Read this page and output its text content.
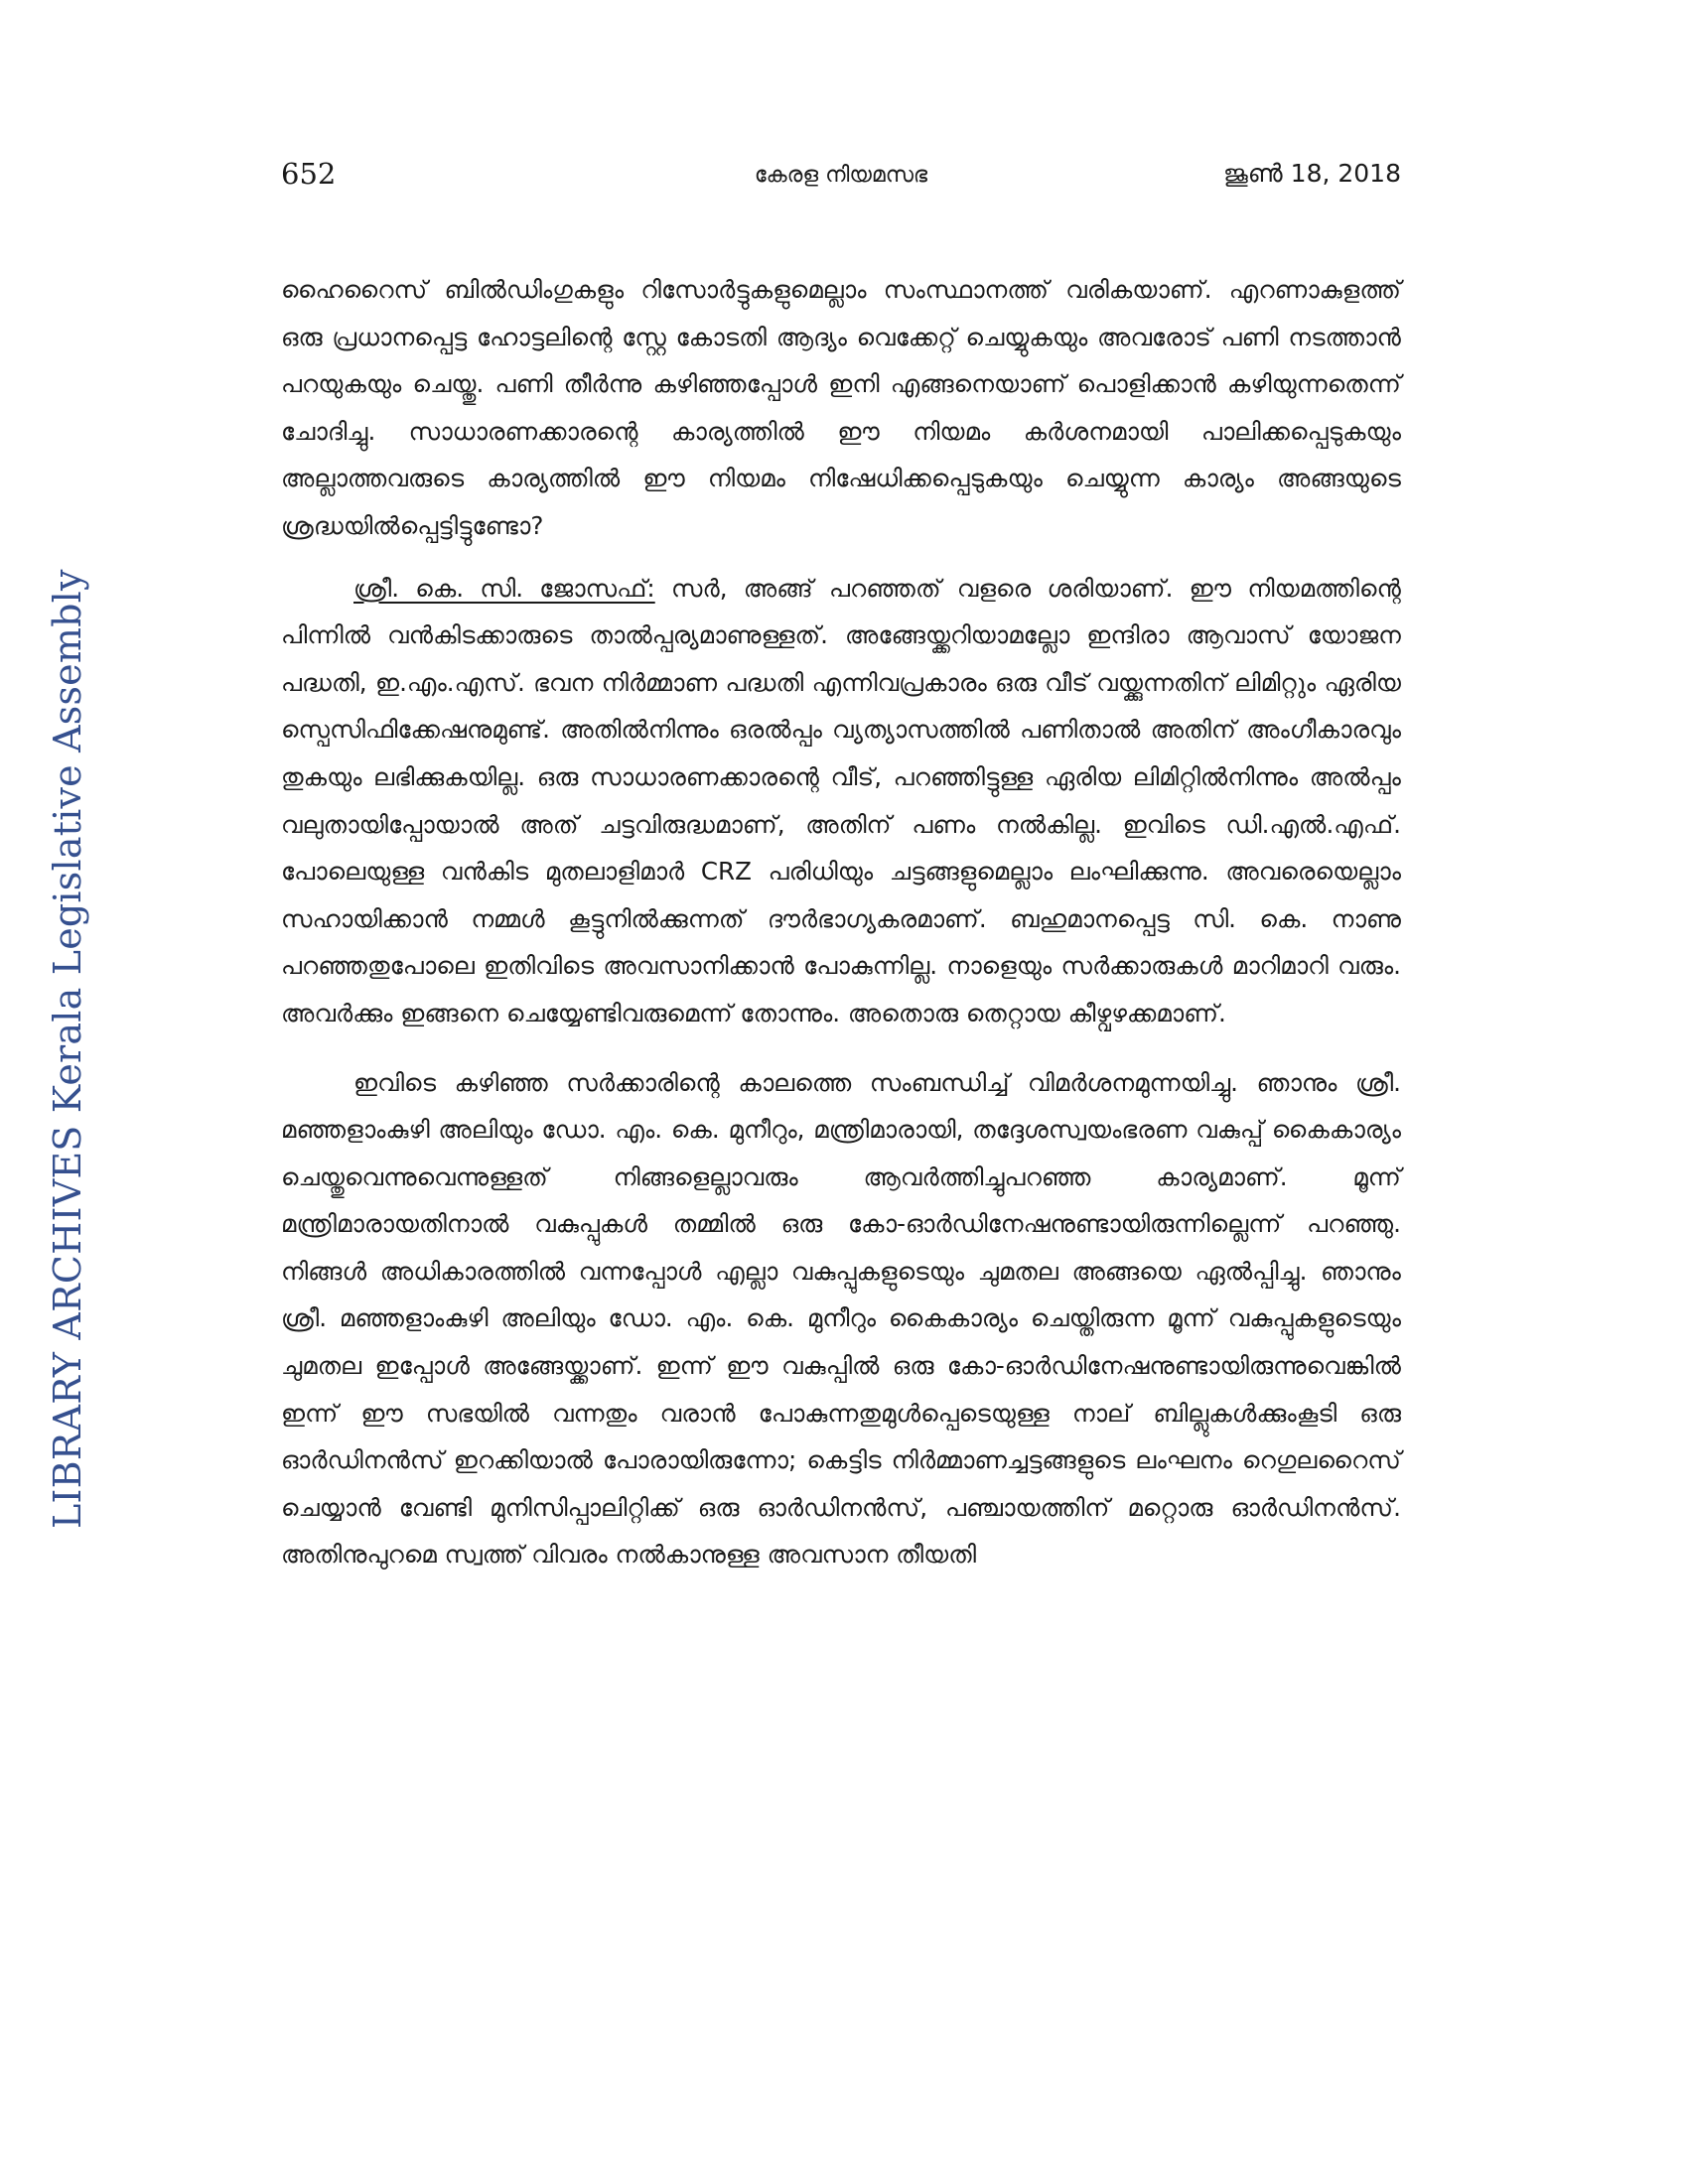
652	കേരള നിയമസഭ	ജൂൺ 18, 2018
LIBRARY ARCHIVES Kerala Legislative Assembly

ഹൈറൈസ് ബിൽഡിംഗുകളും റിസോർട്ടുകളുമെല്ലാം സംസ്ഥാനത്ത് വരികയാണ്. എറണാകുളത്ത് ഒരു പ്രധാനപ്പെട്ട ഹോട്ടലിന്റെ സ്റ്റേ കോടതി ആദ്യം വെക്കേറ്റ് ചെയ്യുകയും അവരോട് പണി നടത്താൻ പറയുകയും ചെയ്തു. പണി തീർന്നു കഴിഞ്ഞപ്പോൾ ഇനി എങ്ങനെയാണ് പൊളിക്കാൻ കഴിയുന്നതെന്ന് ചോദിച്ചു. സാധാരണക്കാരന്റെ കാര്യത്തിൽ ഈ നിയമം കർശനമായി പാലിക്കപ്പെടുകയും അല്ലാത്തവരുടെ കാര്യത്തിൽ ഈ നിയമം നിഷേധിക്കപ്പെടുകയും ചെയ്യുന്ന കാര്യം അങ്ങയുടെ ശ്രദ്ധയിൽപ്പെട്ടിട്ടുണ്ടോ?

ശ്രീ. കെ. സി. ജോസഫ്: സർ, അങ്ങ് പറഞ്ഞത് വളരെ ശരിയാണ്. ഈ നിയമത്തിന്റെ പിന്നിൽ വൻകിടക്കാരുടെ താൽപ്പര്യമാണുള്ളത്. അങ്ങേയ്ക്കറിയാമല്ലോ ഇന്ദിരാ ആവാസ് യോജന പദ്ധതി, ഇ.എം.എസ്. ഭവന നിർമ്മാണ പദ്ധതി എന്നിവപ്രകാരം ഒരു വീട് വയ്ക്കുന്നതിന് ലിമിറ്റും ഏരിയ സ്പെസിഫിക്കേഷനുമുണ്ട്. അതിൽനിന്നും ഒരൽപ്പം വ്യത്യാസത്തിൽ പണിതാൽ അതിന് അംഗീകാരവും തുകയും ലഭിക്കുകയില്ല. ഒരു സാധാരണക്കാരന്റെ വീട്, പറഞ്ഞിട്ടുള്ള ഏരിയ ലിമിറ്റിൽനിന്നും അൽപ്പം വലുതായിപ്പോയാൽ അത് ചട്ടവിരുദ്ധമാണ്, അതിന് പണം നൽകില്ല. ഇവിടെ ഡി.എൽ.എഫ്. പോലെയുള്ള വൻകിട മുതലാളിമാർ CRZ പരിധിയും ചട്ടങ്ങളുമെല്ലാം ലംഘിക്കുന്നു. അവരെയെല്ലാം സഹായിക്കാൻ നമ്മൾ കൂട്ടുനിൽക്കുന്നത് ദൗർഭാഗ്യകരമാണ്. ബഹുമാനപ്പെട്ട സി. കെ. നാണു പറഞ്ഞതുപോലെ ഇതിവിടെ അവസാനിക്കാൻ പോകുന്നില്ല. നാളെയും സർക്കാരുകൾ മാറിമാറി വരും. അവർക്കും ഇങ്ങനെ ചെയ്യേണ്ടിവരുമെന്ന് തോന്നും. അതൊരു തെറ്റായ കീഴ്വഴക്കമാണ്.

ഇവിടെ കഴിഞ്ഞ സർക്കാരിന്റെ കാലത്തെ സംബന്ധിച്ച് വിമർശനമുന്നയിച്ചു. ഞാനും ശ്രീ. മഞ്ഞളാംകുഴി അലിയും ഡോ. എം. കെ. മുനീറും, മന്ത്രിമാരായി, തദ്ദേശസ്വയംഭരണ വകുപ്പ് കൈകാര്യം ചെയ്തുവെന്നുവെന്നുള്ളത് നിങ്ങളെല്ലാവരും ആവർത്തിച്ചുപറഞ്ഞ കാര്യമാണ്. മൂന്ന് മന്ത്രിമാരായതിനാൽ വകുപ്പുകൾ തമ്മിൽ ഒരു കോ-ഓർഡിനേഷനുണ്ടായിരുന്നില്ലെന്ന് പറഞ്ഞു. നിങ്ങൾ അധികാരത്തിൽ വന്നപ്പോൾ എല്ലാ വകുപ്പുകളുടെയും ചുമതല അങ്ങയെ ഏൽപ്പിച്ചു. ഞാനും ശ്രീ. മഞ്ഞളാംകുഴി അലിയും ഡോ. എം. കെ. മുനീറും കൈകാര്യം ചെയ്തിരുന്ന മൂന്ന് വകുപ്പുകളുടെയും ചുമതല ഇപ്പോൾ അങ്ങേയ്ക്കാണ്. ഇന്ന് ഈ വകുപ്പിൽ ഒരു കോ-ഓർഡിനേഷനുണ്ടായിരുന്നുവെങ്കിൽ ഇന്ന് ഈ സഭയിൽ വന്നതും വരാൻ പോകുന്നതുമുൾപ്പെടെയുള്ള നാല് ബില്ലുകൾക്കുംകൂടി ഒരു ഓർഡിനൻസ് ഇറക്കിയാൽ പോരായിരുന്നോ; കെട്ടിട നിർമ്മാണച്ചട്ടങ്ങളുടെ ലംഘനം റെഗുലറൈസ് ചെയ്യാൻ വേണ്ടി മുനിസിപ്പാലിറ്റിക്ക് ഒരു ഓർഡിനൻസ്, പഞ്ചായത്തിന് മറ്റൊരു ഓർഡിനൻസ്. അതിനുപുറമെ സ്വത്ത് വിവരം നൽകാനുള്ള അവസാന തീയതി
